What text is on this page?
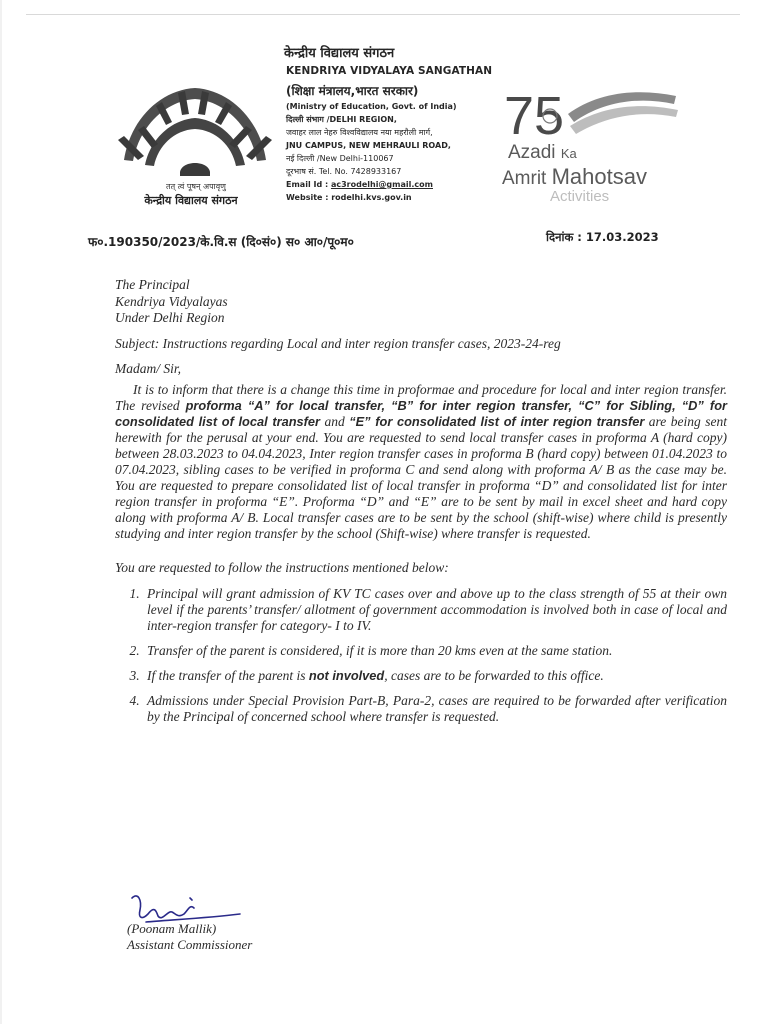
तत् त्वं पूषन् अपावृणु
केन्द्रीय विद्यालय संगठन
केन्द्रीय विद्यालय संगठन
KENDRIYA VIDYALAYA SANGATHAN
(शिक्षा मंत्रालय,भारत सरकार)
(Ministry of Education, Govt. of India)
दिल्ली संभाग /DELHI REGION,
जवाहर लाल नेहरु विश्वविद्यालय नया महरौली मार्ग,
JNU CAMPUS, NEW MEHRAULI ROAD,
नई दिल्ली /New Delhi-110067
दूरभाष सं. Tel. No. 7428933167
Email Id : ac3rodelhi@gmail.com
Website : rodelhi.kvs.gov.in
75
Azadi Ka
Amrit Mahotsav
Activities
फ०.190350/2023/के.वि.स (दि०सं०) स० आ०/पू०म०	दिनांक : 17.03.2023
The Principal
Kendriya Vidyalayas
Under Delhi Region
Subject: Instructions regarding Local and inter region transfer cases, 2023-24-reg
Madam/ Sir,
It is to inform that there is a change this time in proformae and procedure for local and inter region transfer. The revised proforma “A” for local transfer, “B” for inter region transfer, “C” for Sibling, “D” for consolidated list of local transfer and “E” for consolidated list of inter region transfer are being sent herewith for the perusal at your end. You are requested to send local transfer cases in proforma A (hard copy) between 28.03.2023 to 04.04.2023, Inter region transfer cases in proforma B (hard copy) between 01.04.2023 to 07.04.2023, sibling cases to be verified in proforma C and send along with proforma A/ B as the case may be. You are requested to prepare consolidated list of local transfer in proforma “D” and consolidated list for inter region transfer in proforma “E”. Proforma “D” and “E” are to be sent by mail in excel sheet and hard copy along with proforma A/ B. Local transfer cases are to be sent by the school (shift-wise) where child is presently studying and inter region transfer by the school (Shift-wise) where transfer is requested.
You are requested to follow the instructions mentioned below:
1. Principal will grant admission of KV TC cases over and above up to the class strength of 55 at their own level if the parents’ transfer/ allotment of government accommodation is involved both in case of local and inter-region transfer for category- I to IV.
2. Transfer of the parent is considered, if it is more than 20 kms even at the same station.
3. If the transfer of the parent is not involved, cases are to be forwarded to this office.
4. Admissions under Special Provision Part-B, Para-2, cases are required to be forwarded after verification by the Principal of concerned school where transfer is requested.
(Poonam Mallik)
Assistant Commissioner
